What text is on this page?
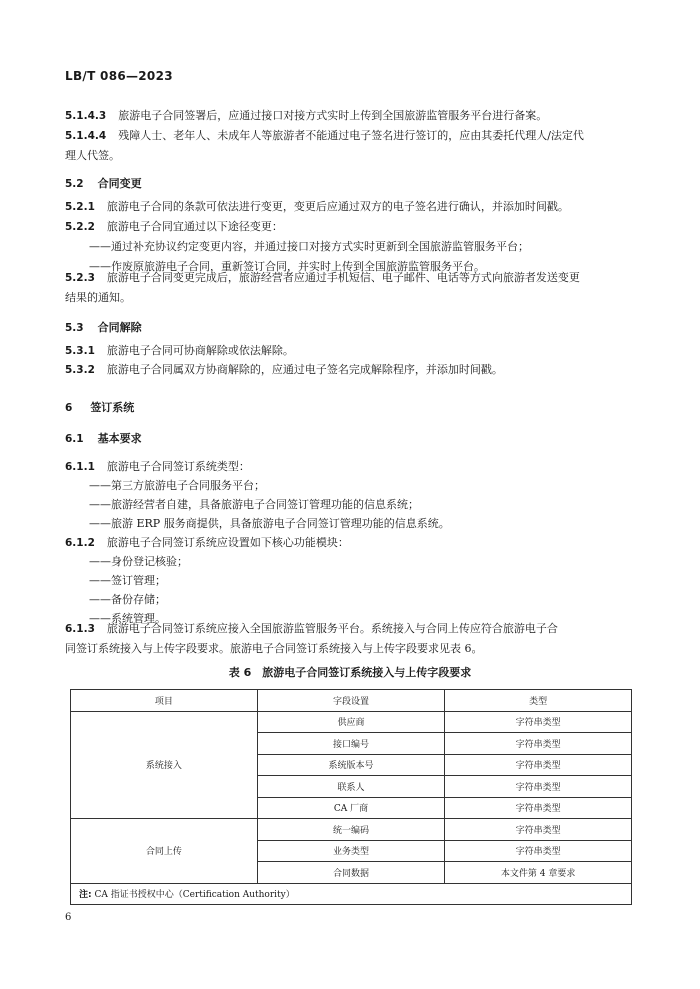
LB/T 086—2023
5.1.4.3 旅游电子合同签署后，应通过接口对接方式实时上传到全国旅游监管服务平台进行备案。
5.1.4.4 残障人士、老年人、未成年人等旅游者不能通过电子签名进行签订的，应由其委托代理人/法定代
理人代签。
5.2 合同变更
5.2.1 旅游电子合同的条款可依法进行变更，变更后应通过双方的电子签名进行确认，并添加时间戳。
5.2.2 旅游电子合同宜通过以下途径变更：
——通过补充协议约定变更内容，并通过接口对接方式实时更新到全国旅游监管服务平台；
——作废原旅游电子合同，重新签订合同，并实时上传到全国旅游监管服务平台。
5.2.3 旅游电子合同变更完成后，旅游经营者应通过手机短信、电子邮件、电话等方式向旅游者发送变更
结果的通知。
5.3 合同解除
5.3.1 旅游电子合同可协商解除或依法解除。
5.3.2 旅游电子合同属双方协商解除的，应通过电子签名完成解除程序，并添加时间戳。
6 签订系统
6.1 基本要求
6.1.1 旅游电子合同签订系统类型：
——第三方旅游电子合同服务平台；
——旅游经营者自建，具备旅游电子合同签订管理功能的信息系统；
——旅游 ERP 服务商提供，具备旅游电子合同签订管理功能的信息系统。
6.1.2 旅游电子合同签订系统应设置如下核心功能模块：
——身份登记核验；
——签订管理；
——备份存储；
——系统管理。
6.1.3 旅游电子合同签订系统应接入全国旅游监管服务平台。系统接入与合同上传应符合旅游电子合
同签订系统接入与上传字段要求。旅游电子合同签订系统接入与上传字段要求见表 6。
表 6　旅游电子合同签订系统接入与上传字段要求
项目	字段设置	类型
系统接入	供应商	字符串类型
	接口编号	字符串类型
	系统版本号	字符串类型
	联系人	字符串类型
	CA 厂商	字符串类型
合同上传	统一编码	字符串类型
	业务类型	字符串类型
	合同数据	本文件第 4 章要求
注: CA 指证书授权中心（Certification Authority）		
6
